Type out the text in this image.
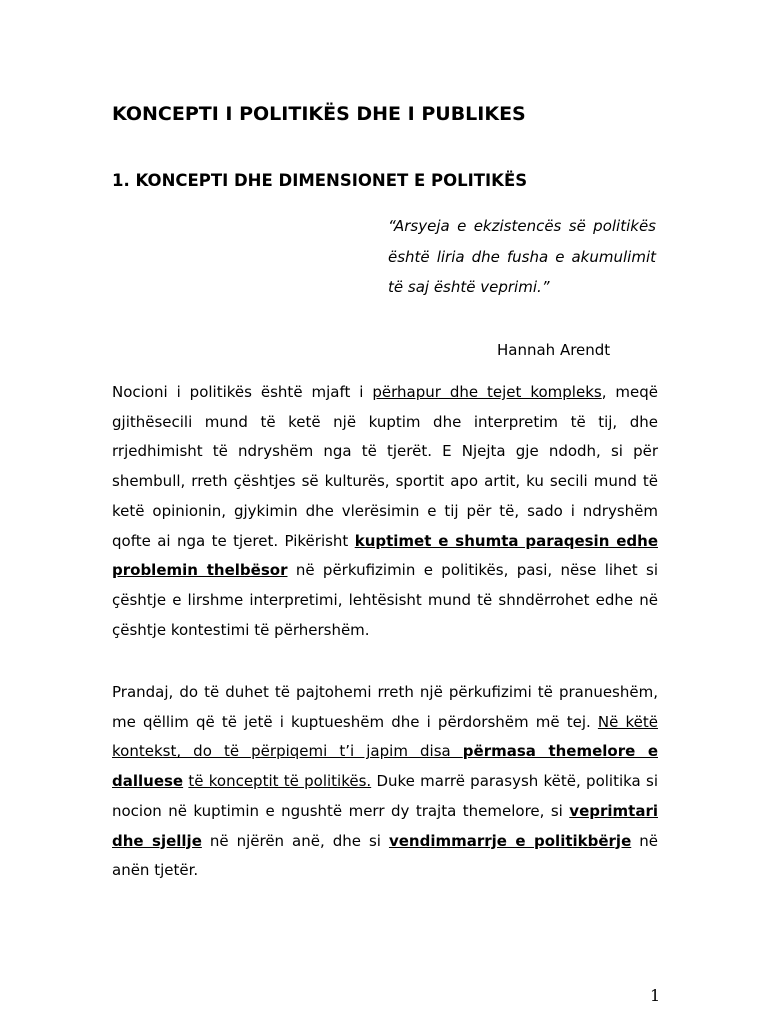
KONCEPTI I POLITIKËS DHE I PUBLIKES
1. KONCEPTI DHE DIMENSIONET E POLITIKËS

“Arsyeja e ekzistencës së politikës është liria dhe fusha e akumulimit të saj është veprimi.”

Hannah Arendt

Nocioni i politikës është mjaft i përhapur dhe tejet kompleks, meqë gjithësecili mund të ketë një kuptim dhe interpretim të tij, dhe rrjedhimisht të ndryshëm nga të tjerët. E Njejta gje ndodh, si për shembull, rreth çështjes së kulturës, sportit apo artit, ku secili mund të ketë opinionin, gjykimin dhe vlerësimin e tij për të, sado i ndryshëm qofte ai nga te tjeret. Pikërisht kuptimet e shumta paraqesin edhe problemin thelbësor në përkufizimin e politikës, pasi, nëse lihet si çështje e lirshme interpretimi, lehtësisht mund të shndërrohet edhe në çështje kontestimi të përhershëm.

Prandaj, do të duhet të pajtohemi rreth një përkufizimi të pranueshëm, me qëllim që të jetë i kuptueshëm dhe i përdorshëm më tej. Në këtë kontekst, do të përpiqemi t’i japim disa përmasa themelore e dalluese të konceptit të politikës. Duke marrë parasysh këtë, politika si nocion në kuptimin e ngushtë merr dy trajta themelore, si veprimtari dhe sjellje në njërën anë, dhe si vendimmarrje e politikbërje në anën tjetër.

1
